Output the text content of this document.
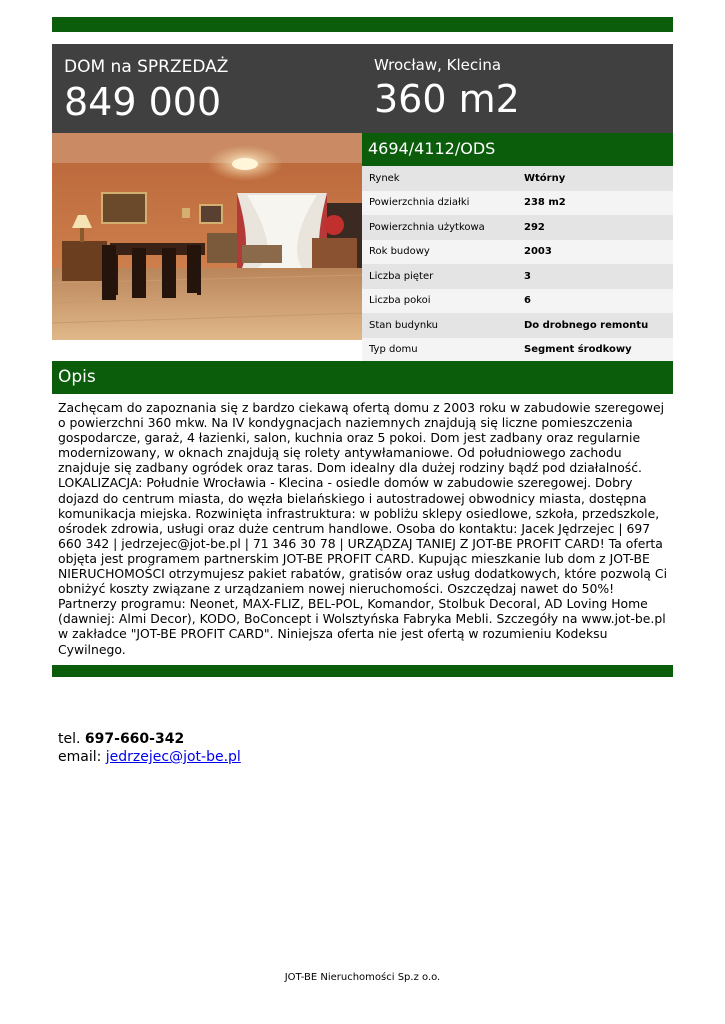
DOM na SPRZEDAŻ
849 000
Wrocław, Klecina
360 m2
4694/4112/ODS
Rynek	Wtórny
Powierzchnia działki	238 m2
Powierzchnia użytkowa	292
Rok budowy	2003
Liczba pięter	3
Liczba pokoi	6
Stan budynku	Do drobnego remontu
Typ domu	Segment środkowy
Opis
Zachęcam do zapoznania się z bardzo ciekawą ofertą domu z 2003 roku w zabudowie szeregowej o powierzchni 360 mkw. Na IV kondygnacjach naziemnych znajdują się liczne pomieszczenia gospodarcze, garaż, 4 łazienki, salon, kuchnia oraz 5 pokoi. Dom jest zadbany oraz regularnie modernizowany, w oknach znajdują się rolety antywłamaniowe. Od południowego zachodu znajduje się zadbany ogródek oraz taras. Dom idealny dla dużej rodziny bądź pod działalność. LOKALIZACJA: Południe Wrocławia - Klecina - osiedle domów w zabudowie szeregowej. Dobry dojazd do centrum miasta, do węzła bielańskiego i autostradowej obwodnicy miasta, dostępna komunikacja miejska. Rozwinięta infrastruktura: w pobliżu sklepy osiedlowe, szkoła, przedszkole, ośrodek zdrowia, usługi oraz duże centrum handlowe. Osoba do kontaktu: Jacek Jędrzejec | 697 660 342 | jedrzejec@jot-be.pl | 71 346 30 78 | URZĄDZAJ TANIEJ Z JOT-BE PROFIT CARD! Ta oferta objęta jest programem partnerskim JOT-BE PROFIT CARD. Kupując mieszkanie lub dom z JOT-BE NIERUCHOMOŚCI otrzymujesz pakiet rabatów, gratisów oraz usług dodatkowych, które pozwolą Ci obniżyć koszty związane z urządzaniem nowej nieruchomości. Oszczędzaj nawet do 50%! Partnerzy programu: Neonet, MAX-FLIZ, BEL-POL, Komandor, Stolbuk Decoral, AD Loving Home (dawniej: Almi Decor), KODO, BoConcept i Wolsztyńska Fabryka Mebli. Szczegóły na www.jot-be.pl w zakładce "JOT-BE PROFIT CARD". Niniejsza oferta nie jest ofertą w rozumieniu Kodeksu Cywilnego.
tel. 697-660-342
email: jedrzejec@jot-be.pl
JOT-BE Nieruchomości Sp.z o.o.
